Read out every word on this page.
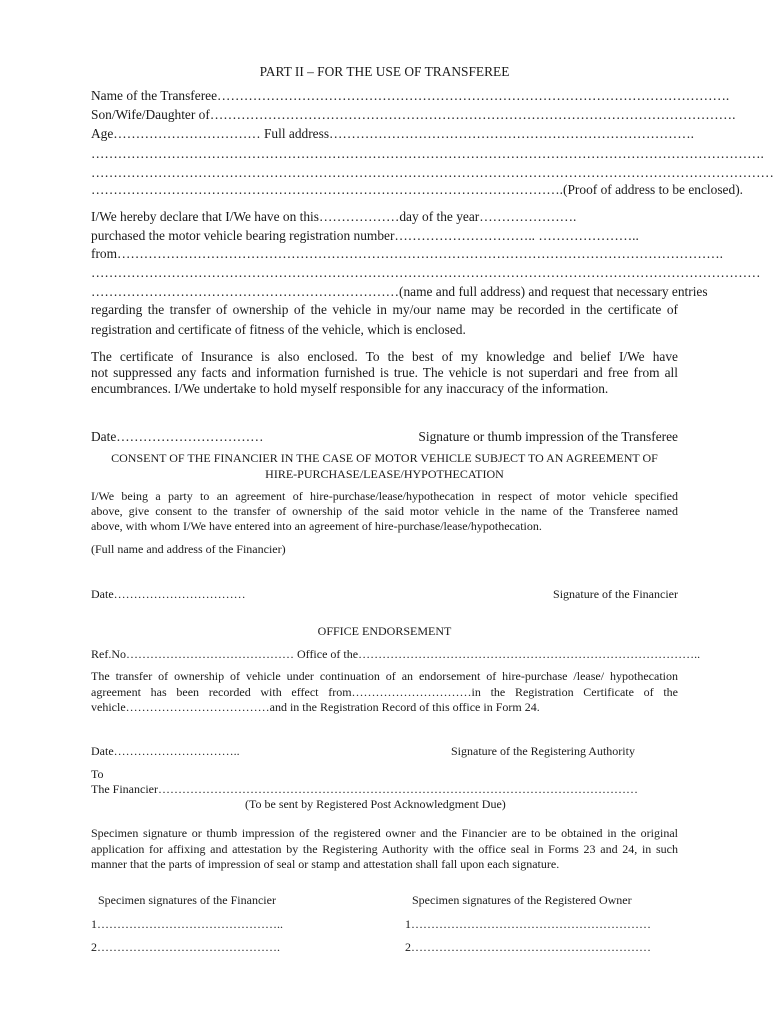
PART II – FOR THE USE OF TRANSFEREE
Name of the Transferee…………………………………………………………………………………………………….
Son/Wife/Daughter of……………………………………………………………………………………………………….
Age…………………………… Full address……………………………………………………………………….
…………………………………………………………………………………………………………………………………….
………………………………………………………………………………………………………………………………………
…………………………………………………………………………………………….(Proof of address to be enclosed).
I/We hereby declare that I/We have on this………………day of the year………………….
purchased the motor vehicle bearing registration number………………………….. …………………..
from……………………………………………………………………………………………………………………….
……………………………………………………………………………………………………………………………………
……………………………………………………………(name and full address) and request that necessary entries
regarding the transfer of ownership of the vehicle in my/our name may be recorded in the certificate of
registration and certificate of fitness of the vehicle, which is enclosed.
The certificate of Insurance is also enclosed. To the best of my knowledge and belief I/We have
not suppressed any facts and information furnished is true. The vehicle is not superdari and free from all
encumbrances. I/We undertake to hold myself responsible for any inaccuracy of the information.
Date……………………………	Signature or thumb impression of the Transferee
CONSENT OF THE FINANCIER IN THE CASE OF MOTOR VEHICLE SUBJECT TO AN AGREEMENT OF
HIRE-PURCHASE/LEASE/HYPOTHECATION
I/We being a party to an agreement of hire-purchase/lease/hypothecation in respect of motor vehicle specified
above, give consent to the transfer of ownership of the said motor vehicle in the name of the Transferee named
above, with whom I/We have entered into an agreement of hire-purchase/lease/hypothecation.
(Full name and address of the Financier)
Date……………………………	Signature of the Financier
OFFICE ENDORSEMENT
Ref.No…………………………………… Office of the…………………………………………………………………………..
The transfer of ownership of vehicle under continuation of an endorsement of hire-purchase /lease/ hypothecation
agreement has been recorded with effect from…………………………in the Registration Certificate of the
vehicle………………………………and in the Registration Record of this office in Form 24.
Date…………………………..	Signature of the Registering Authority
To
The Financier…………………………………………………………………………………………………………
(To be sent by Registered Post Acknowledgment Due)
Specimen signature or thumb impression of the registered owner and the Financier are to be obtained in the original
application for affixing and attestation by the Registering Authority with the office seal in Forms 23 and 24, in such
manner that the parts of impression of seal or stamp and attestation shall fall upon each signature.
Specimen signatures of the Financier	Specimen signatures of the Registered Owner
1………………………………………..	1……………………………………………………
2……………………………………….	2……………………………………………………
